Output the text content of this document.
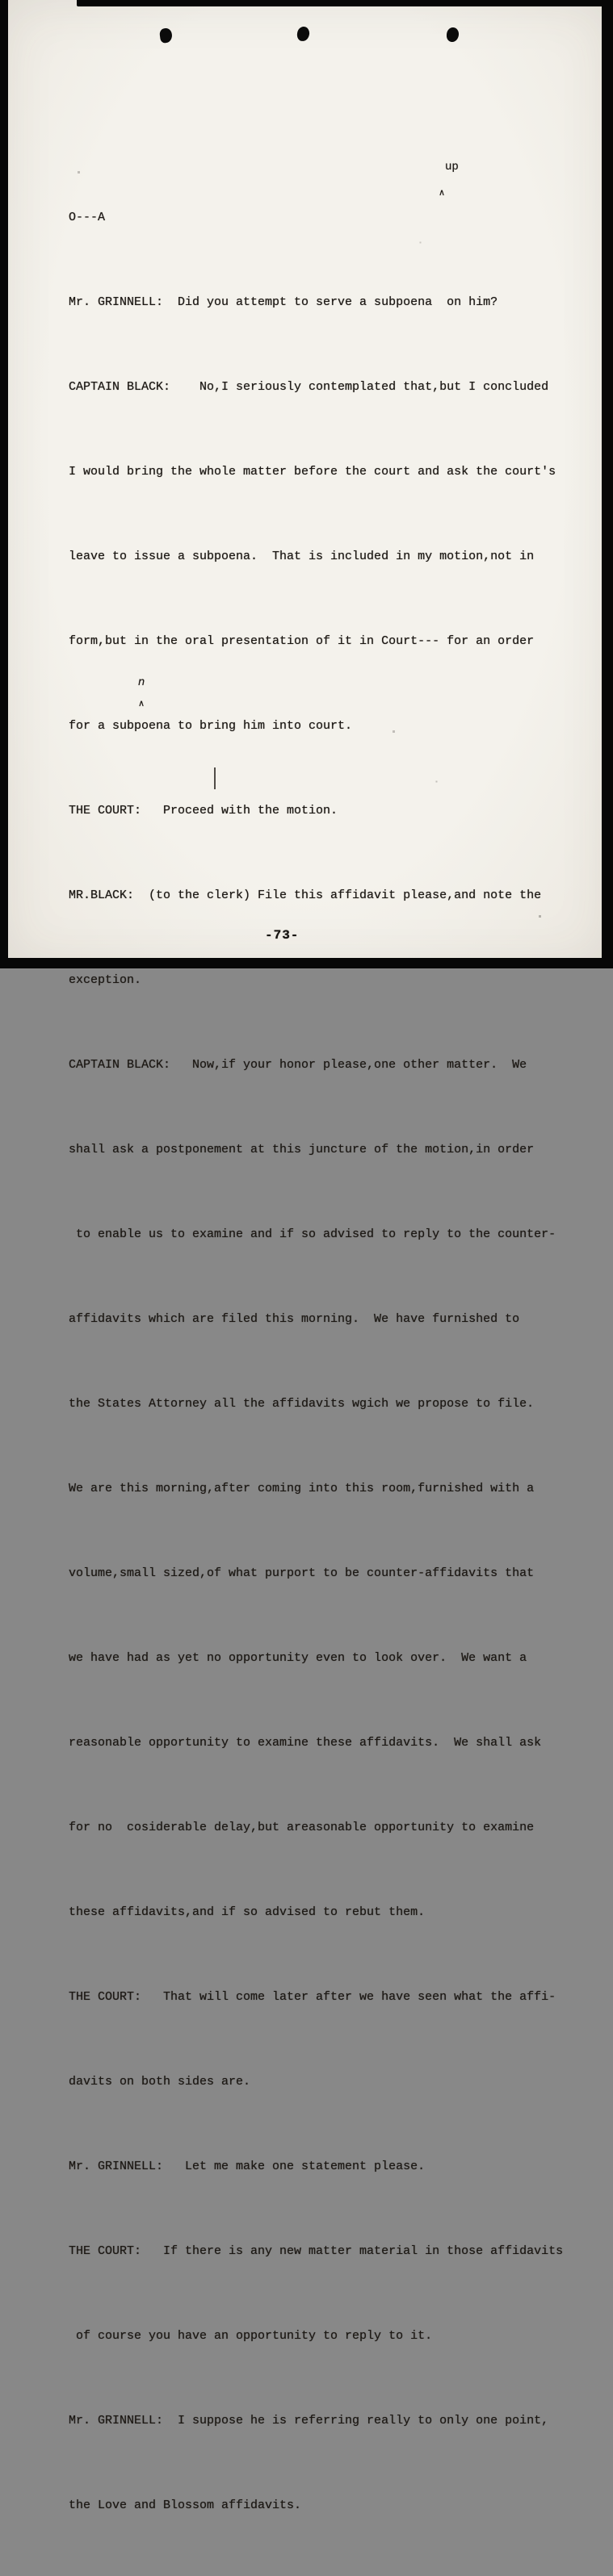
O---A

Mr. GRINNELL:  Did you attempt to serve a subpoena  on him?

CAPTAIN BLACK:    No,I seriously contemplated that,but I concluded

I would bring the whole matter before the court and ask the court's

leave to issue a subpoena.  That is included in my motion,not in

form,but in the oral presentation of it in Court--- for an order

for a subpoena to bring him into court.

THE COURT:   Proceed with the motion.

MR.BLACK:  (to the clerk) File this affidavit please,and note the

exception.

CAPTAIN BLACK:   Now,if your honor please,one other matter.  We

shall ask a postponement at this juncture of the motion,in order

to enable us to examine and if so advised to reply to the counter-

affidavits which are filed this morning.  We have furnished to

the States Attorney all the affidavits wgich we propose to file.

We are this morning,after coming into this room,furnished with a

volume,small sized,of what purport to be counter-affidavits that

we have had as yet no opportunity even to look over.  We want a

reasonable opportunity to examine these affidavits.  We shall ask

for no  cosiderable delay,but areasonable opportunity to examine

these affidavits,and if so advised to rebut them.

THE COURT:   That will come later after we have seen what the affi-

davits on both sides are.

Mr. GRINNELL:   Let me make one statement please.

THE COURT:   If there is any new matter material in those affidavits

of course you have an opportunity to reply to it.

Mr. GRINNELL:  I suppose he is referring really to only one point,

the Love and Blossom affidavits.

up
∧
n
∧
-73-
